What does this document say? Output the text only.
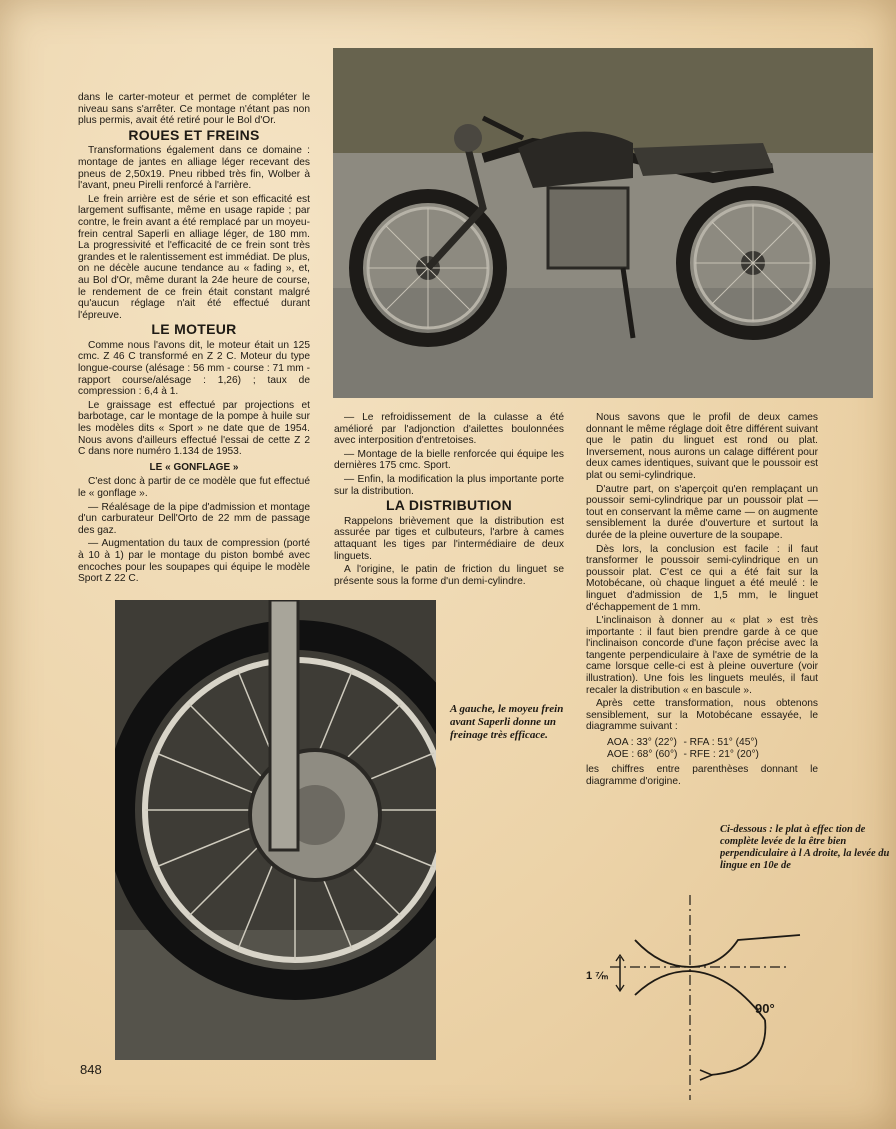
dans le carter-moteur et permet de compléter le niveau sans s'arrêter. Ce montage n'étant pas non plus permis, avait été retiré pour le Bol d'Or.

ROUES ET FREINS

Transformations également dans ce domaine : montage de jantes en alliage léger recevant des pneus de 2,50x19. Pneu ribbed très fin, Wolber à l'avant, pneu Pirelli renforcé à l'arrière.

Le frein arrière est de série et son efficacité est largement suffisante, même en usage rapide ; par contre, le frein avant a été remplacé par un moyeu-frein central Saperli en alliage léger, de 180 mm. La progressivité et l'efficacité de ce frein sont très grandes et le ralentissement est immédiat. De plus, on ne décèle aucune tendance au « fading », et, au Bol d'Or, même durant la 24e heure de course, le rendement de ce frein était constant malgré qu'aucun réglage n'ait été effectué durant l'épreuve.

LE MOTEUR

Comme nous l'avons dit, le moteur était un 125 cmc. Z 46 C transformé en Z 2 C. Moteur du type longue-course (alésage : 56 mm - course : 71 mm - rapport course/alésage : 1,26) ; taux de compression : 6,4 à 1.

Le graissage est effectué par projections et barbotage, car le montage de la pompe à huile sur les modèles dits « Sport » ne date que de 1954. Nous avons d'ailleurs effectué l'essai de cette Z 2 C dans nore numéro 1.134 de 1953.

LE « GONFLAGE »

C'est donc à partir de ce modèle que fut effectué le « gonflage ».

— Réalésage de la pipe d'admission et montage d'un carburateur Dell'Orto de 22 mm de passage des gaz.

— Augmentation du taux de compression (porté à 10 à 1) par le montage du piston bombé avec encoches pour les soupapes qui équipe le modèle Sport Z 22 C.

— Le refroidissement de la culasse a été amélioré par l'adjonction d'ailettes boulonnées avec interposition d'entretoises.

— Montage de la bielle renforcée qui équipe les dernières 175 cmc. Sport.

— Enfin, la modification la plus importante porte sur la distribution.

LA DISTRIBUTION

Rappelons brièvement que la distribution est assurée par tiges et culbuteurs, l'arbre à cames attaquant les tiges par l'intermédiaire de deux linguets.

A l'origine, le patin de friction du linguet se présente sous la forme d'un demi-cylindre.

Nous savons que le profil de deux cames donnant le même réglage doit être différent suivant que le patin du linguet est rond ou plat. Inversement, nous aurons un calage différent pour deux cames identiques, suivant que le poussoir est plat ou semi-cylindrique.

D'autre part, on s'aperçoit qu'en remplaçant un poussoir semi-cylindrique par un poussoir plat — tout en conservant la même came — on augmente sensiblement la durée d'ouverture et surtout la durée de la pleine ouverture de la soupape.

Dès lors, la conclusion est facile : il faut transformer le poussoir semi-cylindrique en un poussoir plat. C'est ce qui a été fait sur la Motobécane, où chaque linguet a été meulé : le linguet d'admission de 1,5 mm, le linguet d'échappement de 1 mm.

L'inclinaison à donner au « plat » est très importante : il faut bien prendre garde à ce que l'inclinaison concorde d'une façon précise avec la tangente perpendiculaire à l'axe de symétrie de la came lorsque celle-ci est à pleine ouverture (voir illustration). Une fois les linguets meulés, il faut recaler la distribution « en bascule ».

Après cette transformation, nous obtenons sensiblement, sur la Motobécane essayée, le diagramme suivant :

AOA : 33° (22°)	- RFA : 51° (45°)
AOE : 68° (60°)	- RFE : 21° (20°)

les chiffres entre parenthèses donnant le diagramme d'origine.

A gauche, le moyeu frein avant Saperli donne un freinage très efficace.
Ci-dessous : le plat à effec tion de complète levée de la être bien perpendiculaire à l A droite, la levée du lingue en 10e de
1 ⁷⁄ₘ
90°
848
